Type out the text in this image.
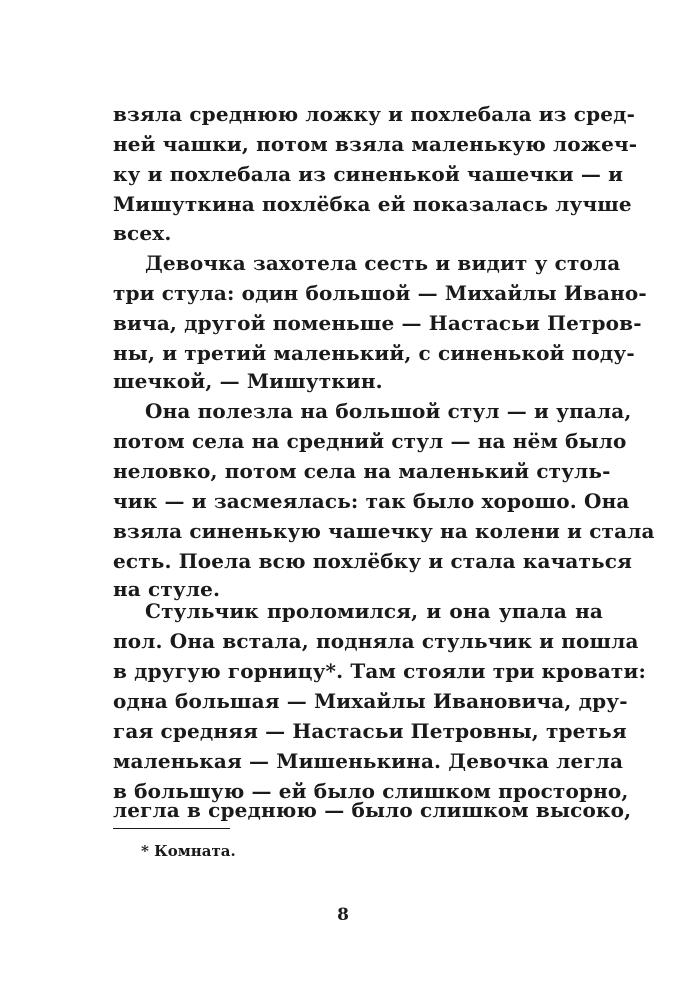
взяла среднюю ложку и похлебала из сред-
ней чашки, потом взяла маленькую ложеч-
ку и похлебала из синенькой чашечки — и
Мишуткина похлёбка ей показалась лучше
всех.
Девочка захотела сесть и видит у стола
три стула: один большой — Михайлы Ивано-
вича, другой поменьше — Настасьи Петров-
ны, и третий маленький, с синенькой поду-
шечкой, — Мишуткин.
Она полезла на большой стул — и упала,
потом села на средний стул — на нём было
неловко, потом села на маленький стуль-
чик — и засмеялась: так было хорошо. Она
взяла синенькую чашечку на колени и стала
есть. Поела всю похлёбку и стала качаться
на стуле.
Стульчик проломился, и она упала на
пол. Она встала, подняла стульчик и пошла
в другую горницу*. Там стояли три кровати:
одна большая — Михайлы Ивановича, дру-
гая средняя — Настасьи Петровны, третья
маленькая — Мишенькина. Девочка легла
в большую — ей было слишком просторно,
легла в среднюю — было слишком высоко,
* Комната.
8
